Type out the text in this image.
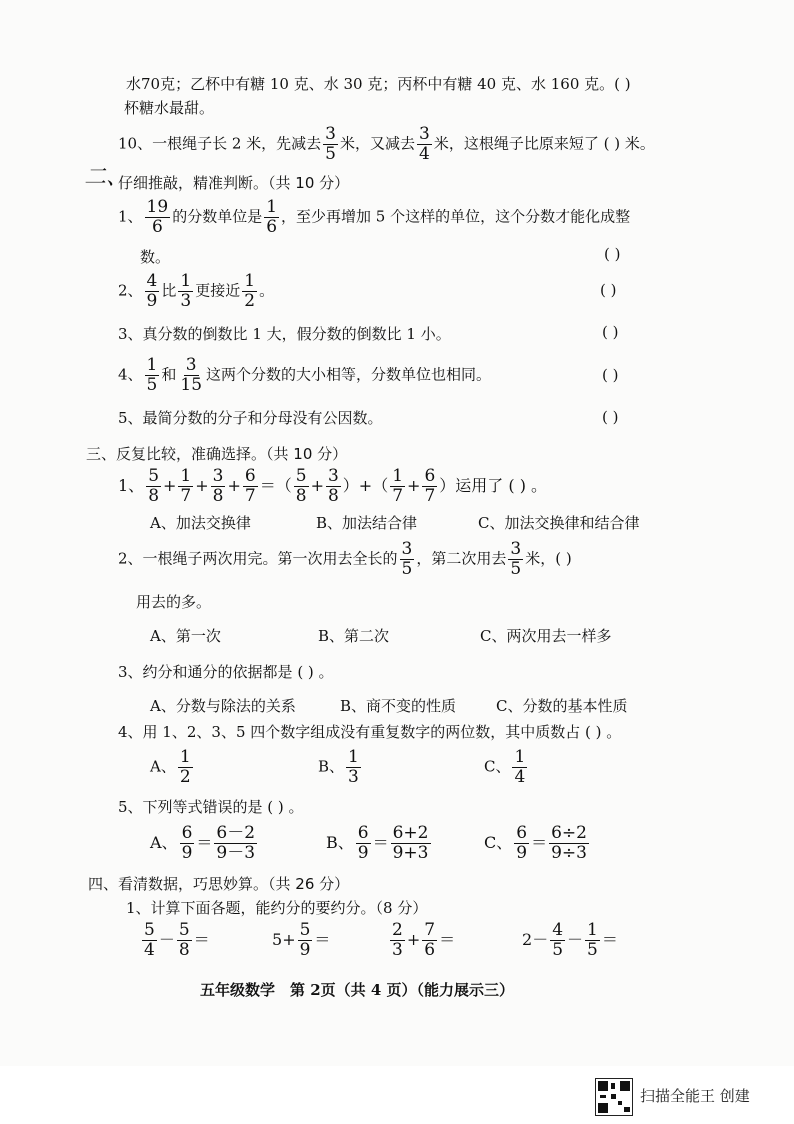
水70克；乙杯中有糖 10 克、水 30 克；丙杯中有糖 40 克、水 160 克。( )
杯糖水最甜。
10、一根绳子长 2 米，先减去 $\frac{3}{5}$ 米，又减去 $\frac{3}{4}$ 米，这根绳子比原来短了 ( ) 米。
二、
仔细推敲，精准判断。（共 10 分）
1、 $\frac{19}{6}$ 的分数单位是 $\frac{1}{6}$ ，至少再增加 5 个这样的单位，这个分数才能化成整
数。	( )
2、 $\frac{4}{9}$ 比 $\frac{1}{3}$ 更接近 $\frac{1}{2}$ 。	( )
3、真分数的倒数比 1 大，假分数的倒数比 1 小。	( )
4、 $\frac{1}{5}$ 和 $\frac{3}{15}$ 这两个分数的大小相等，分数单位也相同。	( )
5、最简分数的分子和分母没有公因数。	( )
三、反复比较，准确选择。（共 10 分）
1、 $\frac{5}{8} + \frac{1}{7} + \frac{3}{8} + \frac{6}{7}$ ＝（ $\frac{5}{8} + \frac{3}{8}$ ）+（ $\frac{1}{7} + \frac{6}{7}$ ）运用了 ( ) 。
A、加法交换律	B、加法结合律	C、加法交换律和结合律
2、一根绳子两次用完。第一次用去全长的 $\frac{3}{5}$ ，第二次用去 $\frac{3}{5}$ 米，( )
用去的多。
A、第一次	B、第二次	C、两次用去一样多
3、约分和通分的依据都是 ( ) 。
A、分数与除法的关系	B、商不变的性质	C、分数的基本性质
4、用 1、2、3、5 四个数字组成没有重复数字的两位数，其中质数占 ( ) 。
A、 $\frac{1}{2}$	B、 $\frac{1}{3}$	C、 $\frac{1}{4}$
5、下列等式错误的是 ( ) 。
A、 $\frac{6}{9} = \frac{6-2}{9-3}$	B、 $\frac{6}{9} = \frac{6+2}{9+3}$	C、 $\frac{6}{9} = \frac{6\div 2}{9\div 3}$
四、看清数据，巧思妙算。（共 26 分）
1、计算下面各题，能约分的要约分。（8 分）
$\frac{5}{4} - \frac{5}{8}$ ＝	$5+ \frac{5}{9}$ ＝	$\frac{2}{3} + \frac{7}{6}$ ＝	$2- \frac{4}{5} - \frac{1}{5}$ ＝
五年级数学　第 2页（共 4 页）（能力展示三）
扫描全能王 创建
